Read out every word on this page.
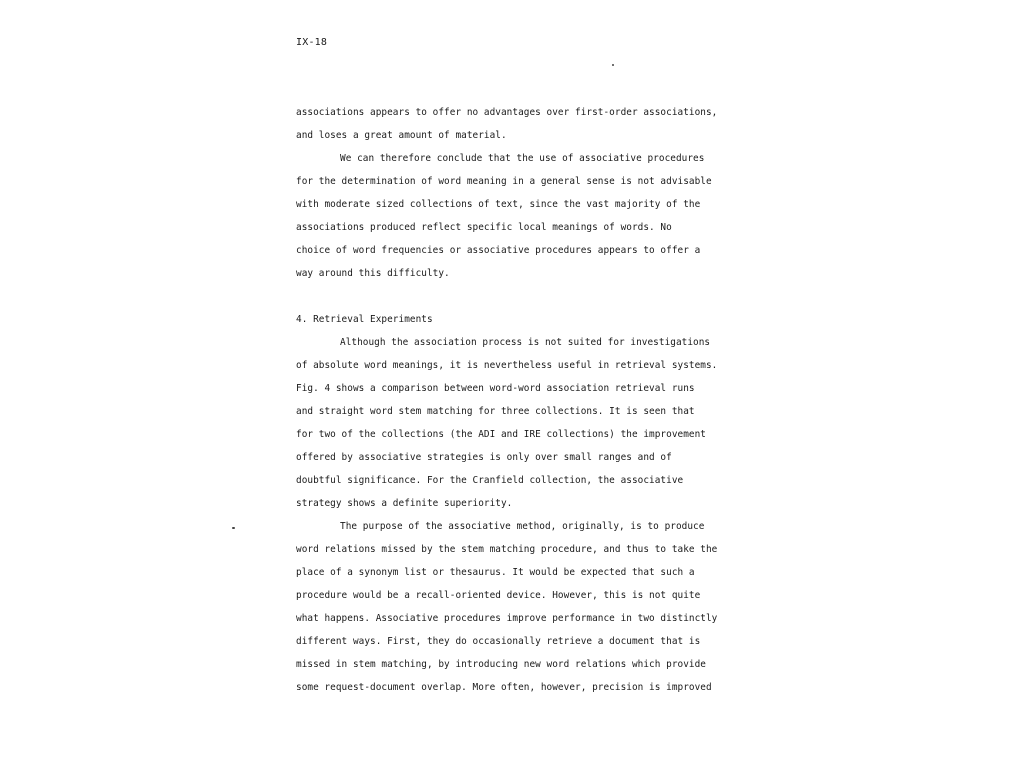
IX-18
associations appears to offer no advantages over first-order associations,
and loses a great amount of material.
We can therefore conclude that the use of associative procedures
for the determination of word meaning in a general sense is not advisable
with moderate sized collections of text, since the vast majority of the
associations produced reflect specific local meanings of words. No
choice of word frequencies or associative procedures appears to offer a
way around this difficulty.
4. Retrieval Experiments
Although the association process is not suited for investigations
of absolute word meanings, it is nevertheless useful in retrieval systems.
Fig. 4 shows a comparison between word-word association retrieval runs
and straight word stem matching for three collections. It is seen that
for two of the collections (the ADI and IRE collections) the improvement
offered by associative strategies is only over small ranges and of
doubtful significance. For the Cranfield collection, the associative
strategy shows a definite superiority.
The purpose of the associative method, originally, is to produce
word relations missed by the stem matching procedure, and thus to take the
place of a synonym list or thesaurus. It would be expected that such a
procedure would be a recall-oriented device. However, this is not quite
what happens. Associative procedures improve performance in two distinctly
different ways. First, they do occasionally retrieve a document that is
missed in stem matching, by introducing new word relations which provide
some request-document overlap. More often, however, precision is improved
